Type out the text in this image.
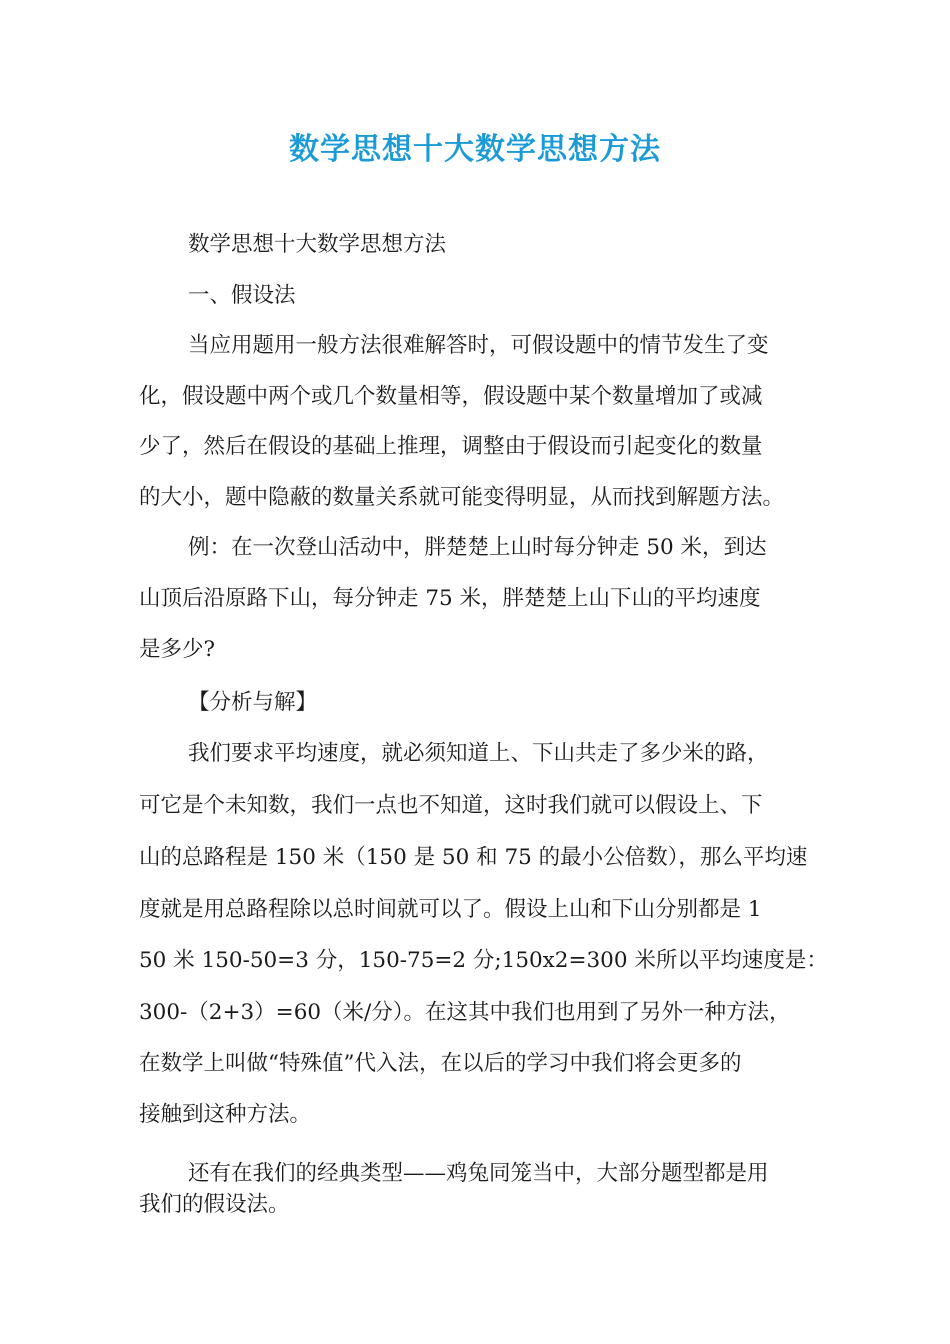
数学思想十大数学思想方法
数学思想十大数学思想方法
一、假设法
当应用题用一般方法很难解答时，可假设题中的情节发生了变
化，假设题中两个或几个数量相等，假设题中某个数量增加了或减
少了，然后在假设的基础上推理，调整由于假设而引起变化的数量
的大小，题中隐蔽的数量关系就可能变得明显，从而找到解题方法。
例：在一次登山活动中，胖楚楚上山时每分钟走 50 米，到达
山顶后沿原路下山，每分钟走 75 米，胖楚楚上山下山的平均速度
是多少?
【分析与解】
我们要求平均速度，就必须知道上、下山共走了多少米的路，
可它是个未知数，我们一点也不知道，这时我们就可以假设上、下
山的总路程是 150 米（150 是 50 和 75 的最小公倍数），那么平均速
度就是用总路程除以总时间就可以了。假设上山和下山分别都是 1
50 米 150-50=3 分，150-75=2 分;150x2=300 米所以平均速度是：
300-（2+3）=60（米/分）。在这其中我们也用到了另外一种方法，
在数学上叫做“特殊值”代入法，在以后的学习中我们将会更多的
接触到这种方法。
还有在我们的经典类型——鸡兔同笼当中，大部分题型都是用
我们的假设法。
